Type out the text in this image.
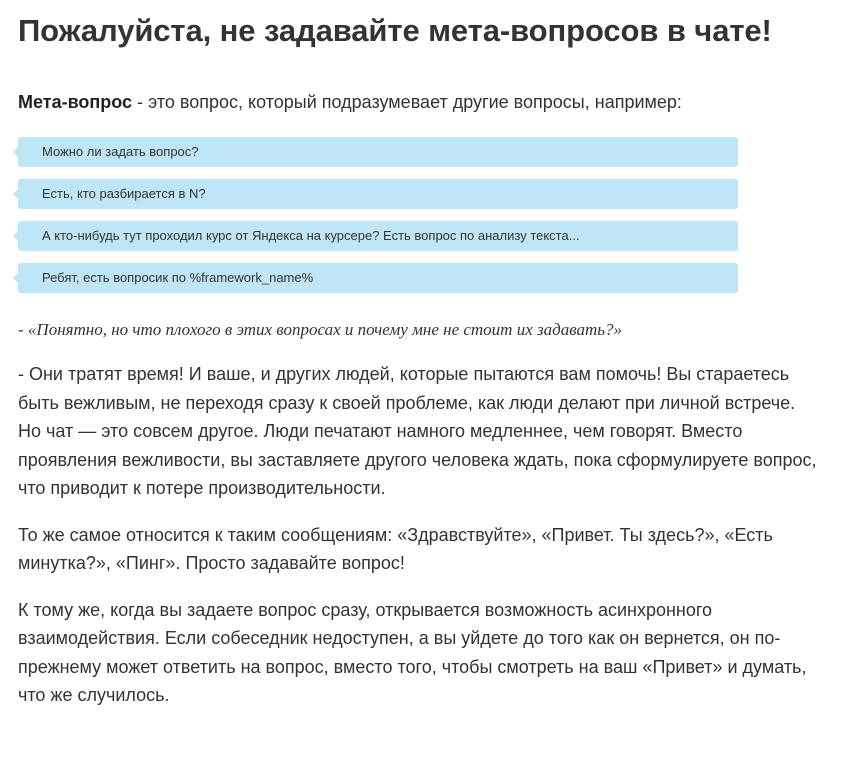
Пожалуйста, не задавайте мета-вопросов в чате!
Мета-вопрос - это вопрос, который подразумевает другие вопросы, например:
Можно ли задать вопрос?
Есть, кто разбирается в N?
А кто-нибудь тут проходил курс от Яндекса на курсере? Есть вопрос по анализу текста...
Ребят, есть вопросик по %framework_name%
- «Понятно, но что плохого в этих вопросах и почему мне не стоит их задавать?»
- Они тратят время! И ваше, и других людей, которые пытаются вам помочь! Вы стараетесь быть вежливым, не переходя сразу к своей проблеме, как люди делают при личной встрече. Но чат — это совсем другое. Люди печатают намного медленнее, чем говорят. Вместо проявления вежливости, вы заставляете другого человека ждать, пока сформулируете вопрос, что приводит к потере производительности.
То же самое относится к таким сообщениям: «Здравствуйте», «Привет. Ты здесь?», «Есть минутка?», «Пинг». Просто задавайте вопрос!
К тому же, когда вы задаете вопрос сразу, открывается возможность асинхронного взаимодействия. Если собеседник недоступен, а вы уйдете до того как он вернется, он по-прежнему может ответить на вопрос, вместо того, чтобы смотреть на ваш «Привет» и думать, что же случилось.
